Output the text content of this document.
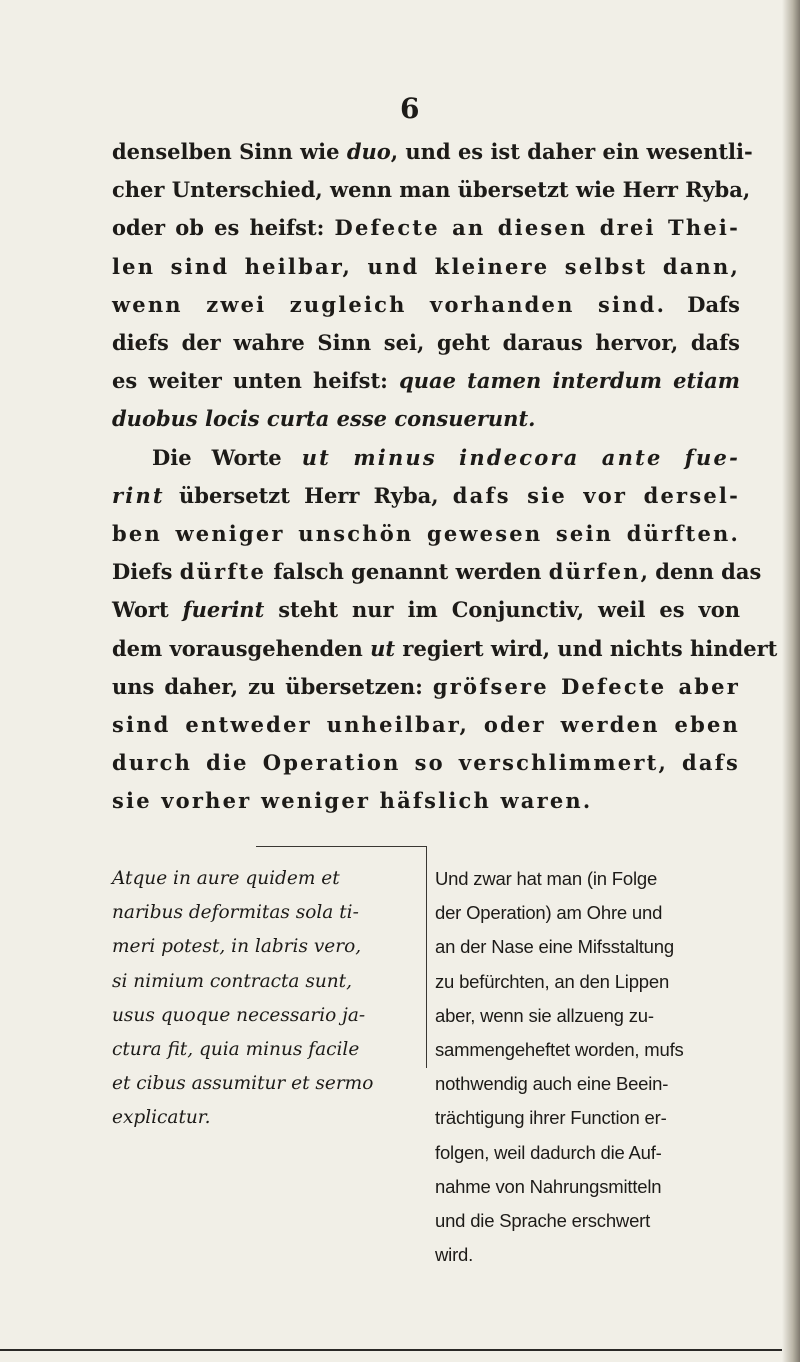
6
denselben Sinn wie duo, und es ist daher ein wesentli-
cher Unterschied, wenn man übersetzt wie Herr Ryba,
oder ob es heifst: Defecte an diesen drei Thei-
len sind heilbar, und kleinere selbst dann,
wenn zwei zugleich vorhanden sind. Dafs
diefs der wahre Sinn sei, geht daraus hervor, dafs
es weiter unten heifst: quae tamen interdum etiam
duobus locis curta esse consuerunt.
Die Worte ut minus indecora ante fue-
rint übersetzt Herr Ryba, dafs sie vor dersel-
ben weniger unschön gewesen sein dürften.
Diefs dürfte falsch genannt werden dürfen, denn das
Wort fuerint steht nur im Conjunctiv, weil es von
dem vorausgehenden ut regiert wird, und nichts hindert
uns daher, zu übersetzen: gröfsere Defecte aber
sind entweder unheilbar, oder werden eben
durch die Operation so verschlimmert, dafs
sie vorher weniger häfslich waren.
Atque in aure quidem et
naribus deformitas sola ti-
meri potest, in labris vero,
si nimium contracta sunt,
usus quoque necessario ja-
ctura fit, quia minus facile
et cibus assumitur et sermo
explicatur.
Und zwar hat man (in Folge
der Operation) am Ohre und
an der Nase eine Mifsstaltung
zu befürchten, an den Lippen
aber, wenn sie allzueng zu-
sammengeheftet worden, mufs
nothwendig auch eine Beein-
trächtigung ihrer Function er-
folgen, weil dadurch die Auf-
nahme von Nahrungsmitteln
und die Sprache erschwert
wird.
